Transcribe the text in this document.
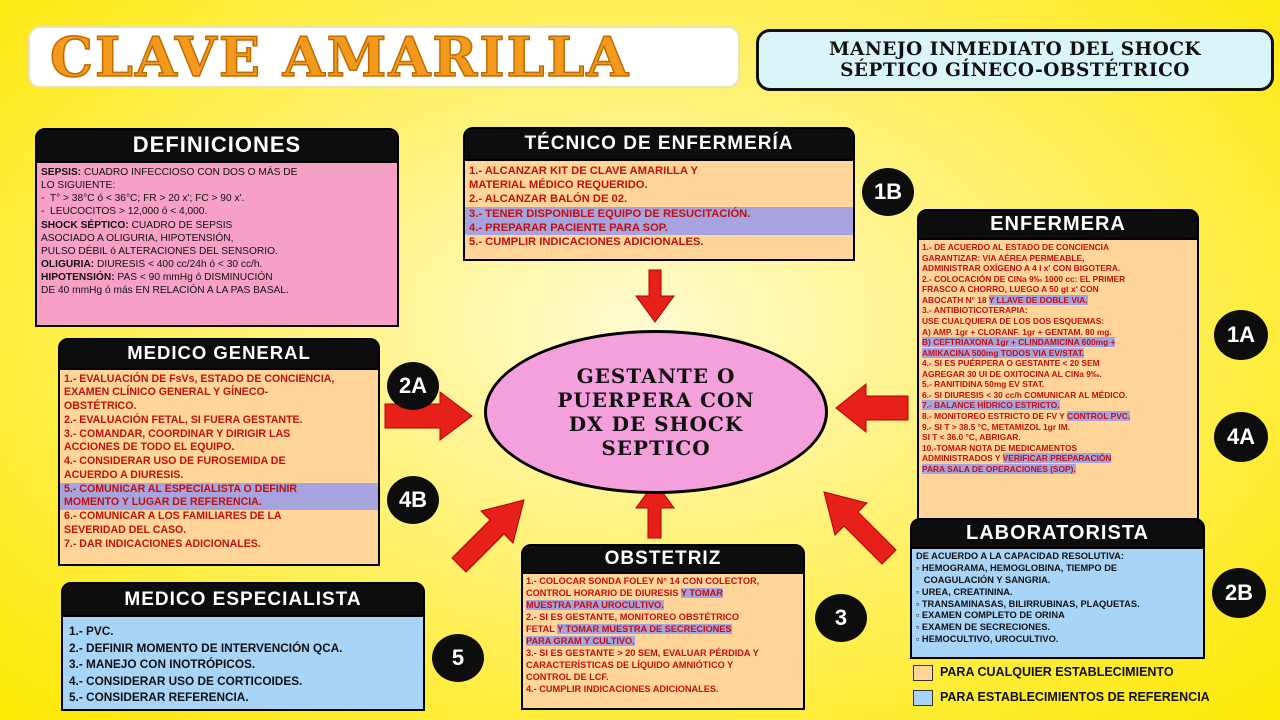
CLAVE AMARILLA	MANEJO INMEDIATO DEL SHOCK
SÉPTICO GÍNECO-OBSTÉTRICO
DEFINICIONES
SEPSIS: CUADRO INFECCIOSO CON DOS O MÁS DE
LO SIGUIENTE:
-  T° > 38°C ó < 36°C; FR > 20 x'; FC > 90 x'.
-  LEUCOCITOS > 12,000 ó < 4,000.
SHOCK SÉPTICO: CUADRO DE SEPSIS
ASOCIADO A OLIGURIA, HIPOTENSIÓN,
PULSO DÉBIL ó ALTERACIONES DEL SENSORIO.
OLIGURIA: DIURESIS < 400 cc/24h ó < 30 cc/h.
HIPOTENSIÓN: PAS < 90 mmHg ó DISMINUCIÓN
DE 40 mmHg ó más EN RELACIÓN A LA PAS BASAL.
TÉCNICO DE ENFERMERÍA
1.- ALCANZAR KIT DE CLAVE AMARILLA Y
MATERIAL MÉDICO REQUERIDO.
2.- ALCANZAR BALÓN DE 02.
3.- TENER DISPONIBLE EQUIPO DE RESUCITACIÓN.
4.- PREPARAR PACIENTE PARA SOP.
5.- CUMPLIR INDICACIONES ADICIONALES.
1B
ENFERMERA
1.- DE ACUERDO AL ESTADO DE CONCIENCIA
GARANTIZAR: VIA AÉREA PERMEABLE,
ADMINISTRAR OXÍGENO A 4 l x' CON BIGOTERA.
2.- COLOCACIÓN DE ClNa 9‰ 1000 cc: EL PRIMER
FRASCO A CHORRO, LUEGO A 50 gt x' CON
ABOCATH N° 18 Y LLAVE DE DOBLE VIA.
3.- ANTIBIOTICOTERAPIA:
USE CUALQUIERA DE LOS DOS ESQUEMAS:
A) AMP. 1gr + CLORANF. 1gr + GENTAM. 80 mg.
B) CEFTRIAXONA 1gr + CLINDAMICINA 600mg +
AMIKACINA 500mg TODOS VIA EV/STAT.
4.- SI ES PUÉRPERA O GESTANTE < 20 SEM
AGREGAR 30 UI DE OXITOCINA AL ClNa 9‰.
5.- RANITIDINA 50mg EV STAT.
6.- SI DIURESIS < 30 cc/h COMUNICAR AL MÉDICO.
7.- BALANCE HÍDRICO ESTRICTO.
8.- MONITOREO ESTRICTO DE FV Y CONTROL PVC.
9.- SI T > 38.5 °C, METAMIZOL 1gr IM.
SI T < 36.0 °C, ABRIGAR.
10.-TOMAR NOTA DE MEDICAMENTOS
ADMINISTRADOS Y VERIFICAR PREPARACIÓN
PARA SALA DE OPERACIONES (SOP).
1A
4A
MEDICO GENERAL
1.- EVALUACIÓN DE FsVs, ESTADO DE CONCIENCIA,
EXAMEN CLÍNICO GENERAL Y GÍNECO-
OBSTÉTRICO.
2.- EVALUACIÓN FETAL, SI FUERA GESTANTE.
3.- COMANDAR, COORDINAR Y DIRIGIR LAS
ACCIONES DE TODO EL EQUIPO.
4.- CONSIDERAR USO DE FUROSEMIDA DE
ACUERDO A DIURESIS.
5.- COMUNICAR AL ESPECIALISTA O DEFINIR
MOMENTO Y LUGAR DE REFERENCIA.
6.- COMUNICAR A LOS FAMILIARES DE LA
SEVERIDAD DEL CASO.
7.- DAR INDICACIONES ADICIONALES.
2A
4B
GESTANTE O
PUERPERA CON
DX DE SHOCK
SEPTICO
LABORATORISTA
DE ACUERDO A LA CAPACIDAD RESOLUTIVA:
▫ HEMOGRAMA, HEMOGLOBINA, TIEMPO DE
COAGULACIÓN Y SANGRIA.
▫ UREA, CREATININA.
▫ TRANSAMINASAS, BILIRRUBINAS, PLAQUETAS.
▫ EXAMEN COMPLETO DE ORINA
▫ EXAMEN DE SECRECIONES.
▫ HEMOCULTIVO, UROCULTIVO.
2B
OBSTETRIZ
1.- COLOCAR SONDA FOLEY N° 14 CON COLECTOR,
CONTROL HORARIO DE DIURESIS Y TOMAR
MUESTRA PARA UROCULTIVO.
2.- SI ES GESTANTE, MONITOREO OBSTÉTRICO
FETAL Y TOMAR MUESTRA DE SECRECIONES
PARA GRAM Y CULTIVO.
3.- SI ES GESTANTE > 20 SEM, EVALUAR PÉRDIDA Y
CARACTERÍSTICAS DE LÍQUIDO AMNIÓTICO Y
CONTROL DE LCF.
4.- CUMPLIR INDICACIONES ADICIONALES.
3
MEDICO ESPECIALISTA
1.- PVC.
2.- DEFINIR MOMENTO DE INTERVENCIÓN QCA.
3.- MANEJO CON INOTRÓPICOS.
4.- CONSIDERAR USO DE CORTICOIDES.
5.- CONSIDERAR REFERENCIA.
5
PARA CUALQUIER ESTABLECIMIENTO
PARA ESTABLECIMIENTOS DE REFERENCIA
